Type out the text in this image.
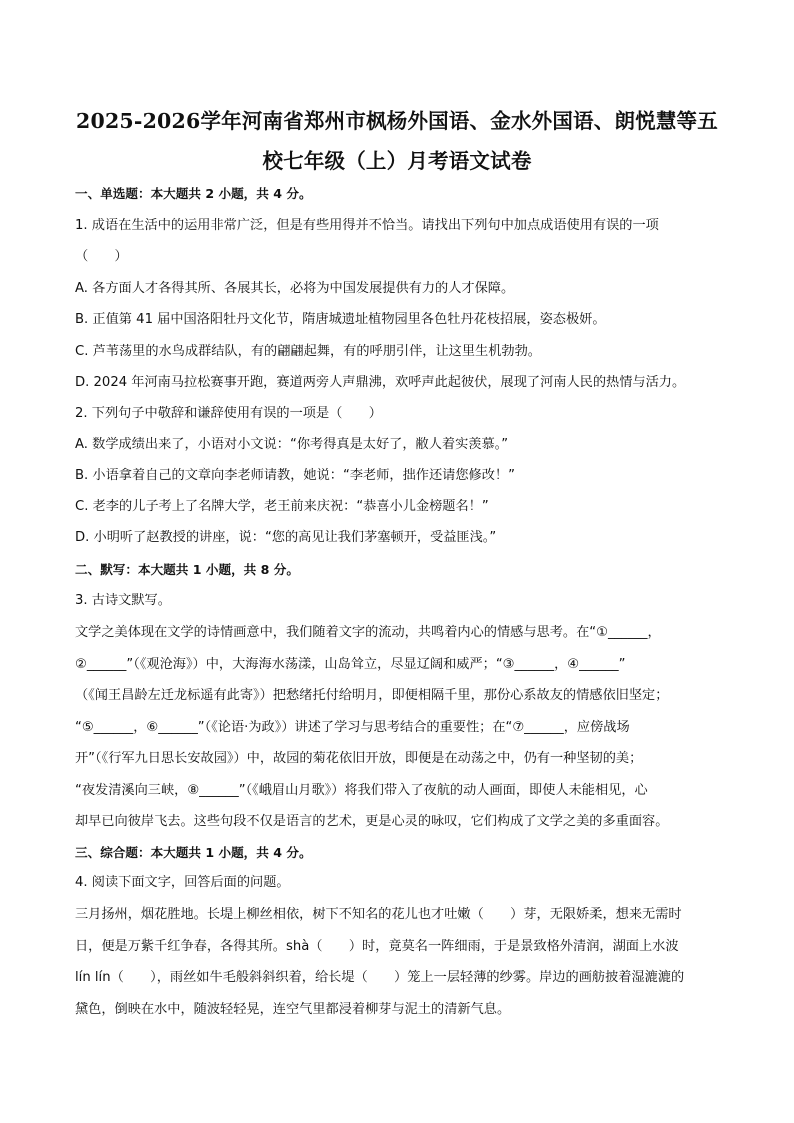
2025-2026学年河南省郑州市枫杨外国语、金水外国语、朗悦慧等五
校七年级（上）月考语文试卷
一、单选题：本大题共 2 小题，共 4 分。
1. 成语在生活中的运用非常广泛，但是有些用得并不恰当。请找出下列句中加点成语使用有误的一项
（　　）
A. 各方面人才各得其所、各展其长，必将为中国发展提供有力的人才保障。
B. 正值第 41 届中国洛阳牡丹文化节，隋唐城遗址植物园里各色牡丹花枝招展，姿态极妍。
C. 芦苇荡里的水鸟成群结队，有的翩翩起舞，有的呼朋引伴，让这里生机勃勃。
D. 2024 年河南马拉松赛事开跑，赛道两旁人声鼎沸，欢呼声此起彼伏，展现了河南人民的热情与活力。
2. 下列句子中敬辞和谦辞使用有误的一项是（　　）
A. 数学成绩出来了，小语对小文说：“你考得真是太好了，敝人着实羡慕。”
B. 小语拿着自己的文章向李老师请教，她说：“李老师，拙作还请您修改！”
C. 老李的儿子考上了名牌大学，老王前来庆祝：“恭喜小儿金榜题名！”
D. 小明听了赵教授的讲座，说：“您的高见让我们茅塞顿开，受益匪浅。”
二、默写：本大题共 1 小题，共 8 分。
3. 古诗文默写。
文学之美体现在文学的诗情画意中，我们随着文字的流动，共鸣着内心的情感与思考。在“①______，
②______”（《观沧海》）中，大海海水荡漾，山岛耸立，尽显辽阔和威严；“③______，④______”
（《闻王昌龄左迁龙标遥有此寄》）把愁绪托付给明月，即便相隔千里，那份心系故友的情感依旧坚定；
“⑤______，⑥______”（《论语·为政》）讲述了学习与思考结合的重要性；在“⑦______，应傍战场
开”（《行军九日思长安故园》）中，故园的菊花依旧开放，即便是在动荡之中，仍有一种坚韧的美；
“夜发清溪向三峡，⑧______”（《峨眉山月歌》）将我们带入了夜航的动人画面，即使人未能相见，心
却早已向彼岸飞去。这些句段不仅是语言的艺术，更是心灵的咏叹，它们构成了文学之美的多重面容。
三、综合题：本大题共 1 小题，共 4 分。
4. 阅读下面文字，回答后面的问题。
三月扬州，烟花胜地。长堤上柳丝相依，树下不知名的花儿也才吐嫩（　　）芽，无限娇柔，想来无需时
日，便是万紫千红争春，各得其所。shà（　　）时，竟莫名一阵细雨，于是景致格外清润，湖面上水波
lín lín（　　），雨丝如牛毛般斜斜织着，给长堤（　　）笼上一层轻薄的纱雾。岸边的画舫披着湿漉漉的
黛色，倒映在水中，随波轻轻晃，连空气里都浸着柳芽与泥土的清新气息。
